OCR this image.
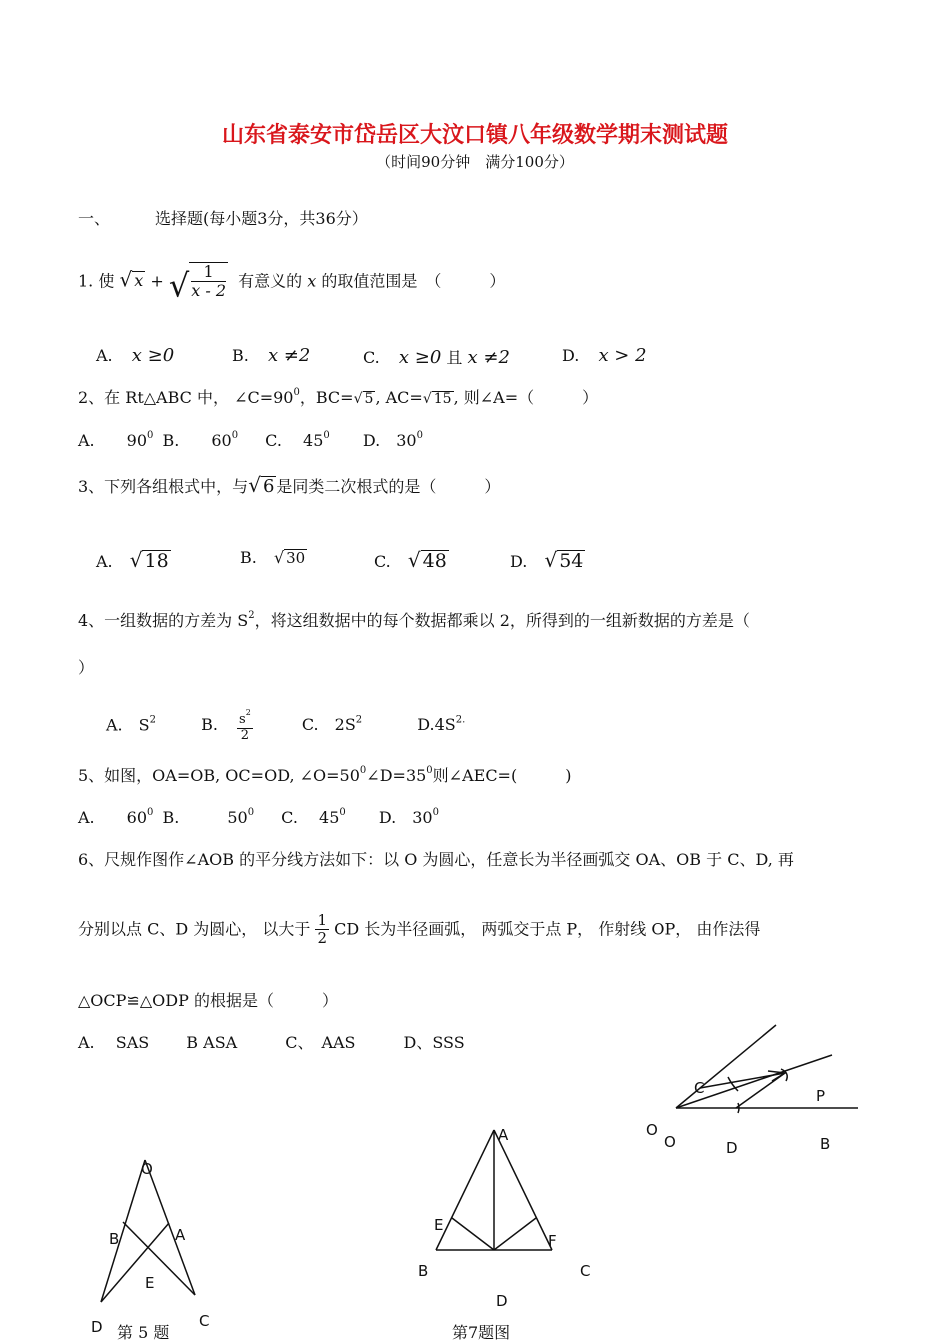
山东省泰安市岱岳区大汶口镇八年级数学期末测试题
（时间90分钟　满分100分）
一、	选择题(每小题3分，共36分）
1. 使 √ x + √ $\frac{1}{x - 2}$ 有意义的 x 的取值范围是　（　　　）
A. x ≥0	B. x ≠2	C. x ≥0 且 x ≠2	D. x > 2
2、在 Rt△ABC 中， $\angle C=90^0$，BC=√ 5 , AC=√ 15 , 则∠A=（　　　）
A.　　$90^0$ B.　　$60^0$ C.　 $45^0$ D.　$30^0$
3、下列各组根式中，与√ 6 是同类二次根式的是（　　　）
A. √ 18	B. √ 30	C. √ 48	D. √ 54
4、一组数据的方差为 $S^2$，将这组数据中的每个数据都乘以 2，所得到的一组新数据的方差是（
）
A.　$S^2$	B. $\frac{s^2}{2}$	C.　$2S^2$	$D.4S^{2.}$
5、如图，OA=OB, OC=OD, $\angle O=50^0\angle D=35^0$则∠AEC=(　　　)
A.　　$60^0$ B.　　　$50^0$ C.　 $45^0$ D.　$30^0$
6、尺规作图作∠AOB 的平分线方法如下：以 O 为圆心，任意长为半径画弧交 OA、OB 于 C、D, 再
分别以点 C、D 为圆心， 以大于 $\frac{1}{2}$ CD 长为半径画弧， 两弧交于点 P， 作射线 OP， 由作法得
△OCP≌△ODP 的根据是（　　　）
A.　 SAS　　 B ASA　　　C、　AAS　　　D、SSS
C	P
O
O	D	B
O
B	A
E
D	C
第 5 题
A
E
F
B	C
D
第7题图
